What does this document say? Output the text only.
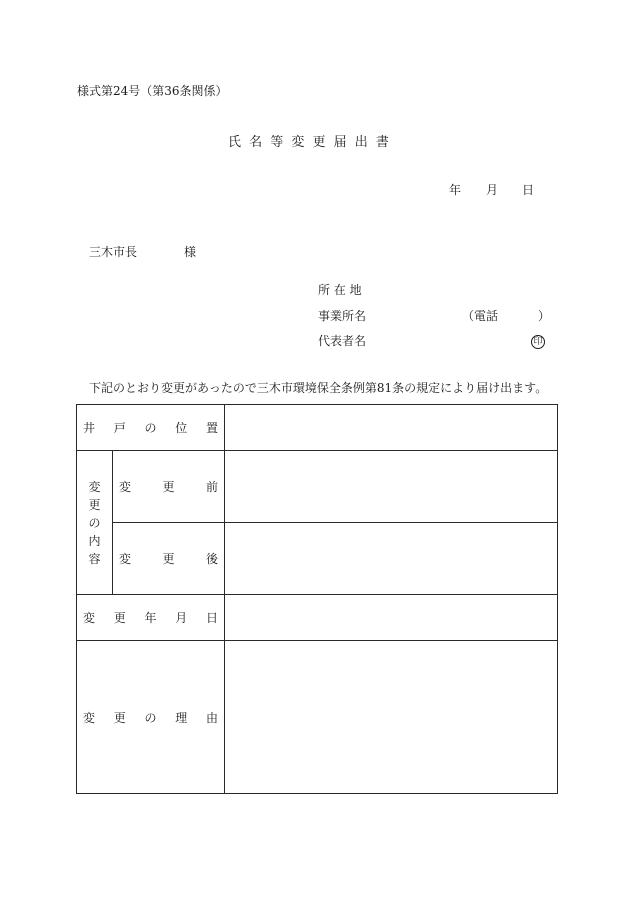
様式第24号（第36条関係）
氏 名 等 変 更 届 出 書
年 月 日
三木市長	様
所 在 地
事業所名	（電話	）
代表者名	印
下記のとおり変更があったので三木市環境保全条例第81条の規定により届け出ます。
井 戸 の 位 置		

変
更
の
内
容	変 更 前	

	変 更 後	

変 更 年 月 日		

変 更 の 理 由		
